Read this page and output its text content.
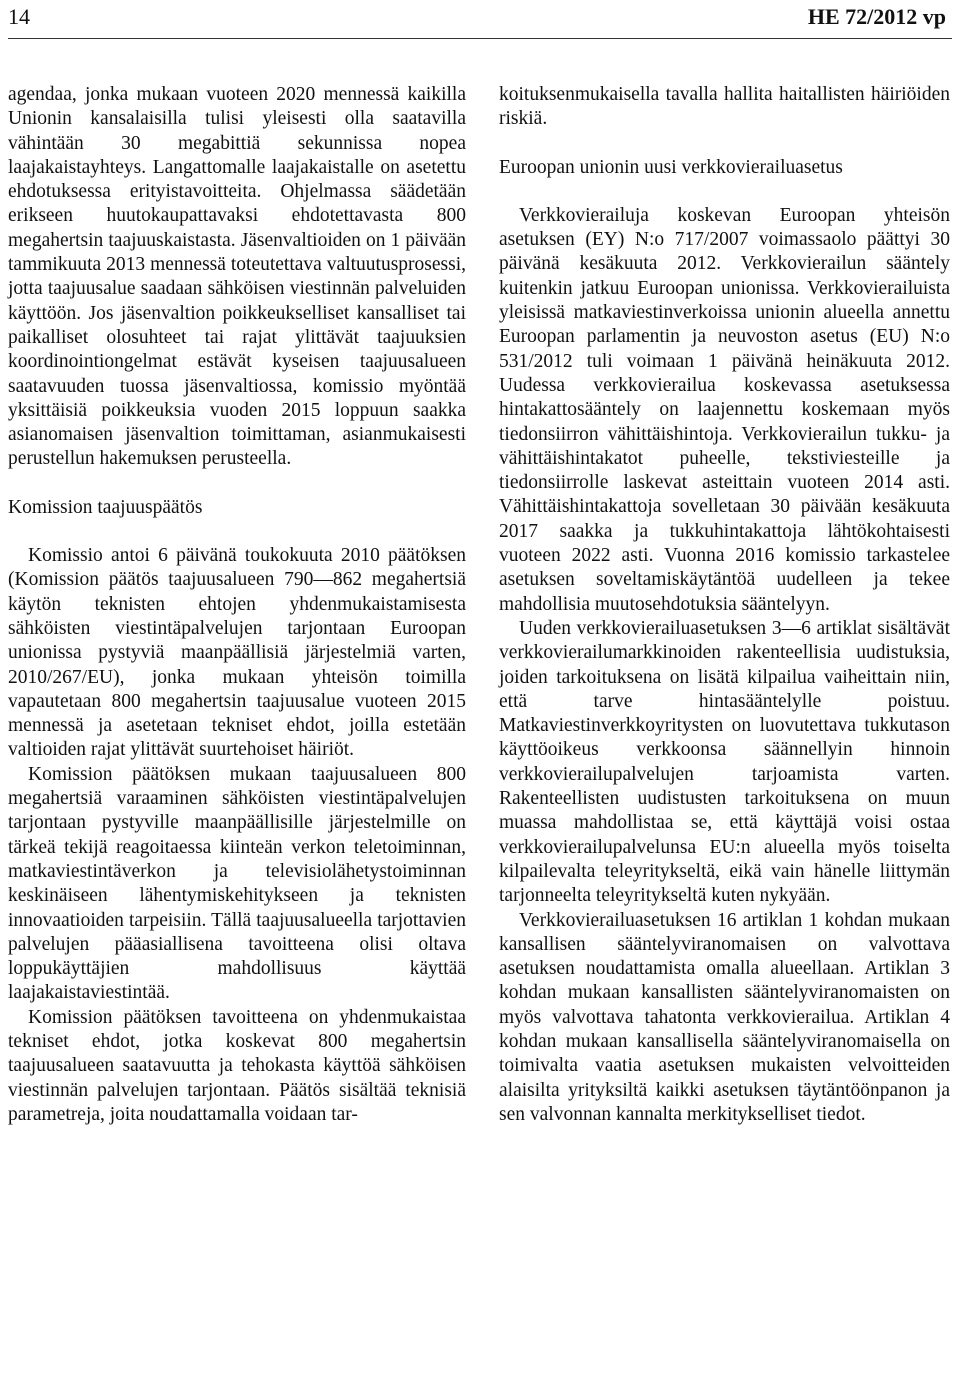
14	HE 72/2012 vp

agendaa, jonka mukaan vuoteen 2020 mennessä kaikilla Unionin kansalaisilla tulisi yleisesti olla saatavilla vähintään 30 megabittiä sekunnissa nopea laajakaistayhteys. Langattomalle laajakaistalle on asetettu ehdotuksessa erityistavoitteita. Ohjelmassa säädetään erikseen huutokaupattavaksi ehdotettavasta 800 megahertsin taajuuskaistasta. Jäsenvaltioiden on 1 päivään tammikuuta 2013 mennessä toteutettava valtuutusprosessi, jotta taajuusalue saadaan sähköisen viestinnän palveluiden käyttöön. Jos jäsenvaltion poikkeukselliset kansalliset tai paikalliset olosuhteet tai rajat ylittävät taajuuksien koordinointiongelmat estävät kyseisen taajuusalueen saatavuuden tuossa jäsenvaltiossa, komissio myöntää yksittäisiä poikkeuksia vuoden 2015 loppuun saakka asianomaisen jäsenvaltion toimittaman, asianmukaisesti perustellun hakemuksen perusteella.

Komission taajuuspäätös

Komissio antoi 6 päivänä toukokuuta 2010 päätöksen (Komission päätös taajuusalueen 790—862 megahertsiä käytön teknisten ehtojen yhdenmukaistamisesta sähköisten viestintäpalvelujen tarjontaan Euroopan unionissa pystyviä maanpäällisiä järjestelmiä varten, 2010/267/EU), jonka mukaan yhteisön toimilla vapautetaan 800 megahertsin taajuusalue vuoteen 2015 mennessä ja asetetaan tekniset ehdot, joilla estetään valtioiden rajat ylittävät suurtehoiset häiriöt.

Komission päätöksen mukaan taajuusalueen 800 megahertsiä varaaminen sähköisten viestintäpalvelujen tarjontaan pystyville maanpäällisille järjestelmille on tärkeä tekijä reagoitaessa kiinteän verkon teletoiminnan, matkaviestintäverkon ja televisiolähetystoiminnan keskinäiseen lähentymiskehitykseen ja teknisten innovaatioiden tarpeisiin. Tällä taajuusalueella tarjottavien palvelujen pääasiallisena tavoitteena olisi oltava loppukäyttäjien mahdollisuus käyttää laajakaistaviestintää.

Komission päätöksen tavoitteena on yhdenmukaistaa tekniset ehdot, jotka koskevat 800 megahertsin taajuusalueen saatavuutta ja tehokasta käyttöä sähköisen viestinnän palvelujen tarjontaan. Päätös sisältää teknisiä parametreja, joita noudattamalla voidaan tar-

koituksenmukaisella tavalla hallita haitallisten häiriöiden riskiä.

Euroopan unionin uusi verkkovierailuasetus

Verkkovierailuja koskevan Euroopan yhteisön asetuksen (EY) N:o 717/2007 voimassaolo päättyi 30 päivänä kesäkuuta 2012. Verkkovierailun sääntely kuitenkin jatkuu Euroopan unionissa. Verkkovierailuista yleisissä matkaviestinverkoissa unionin alueella annettu Euroopan parlamentin ja neuvoston asetus (EU) N:o 531/2012 tuli voimaan 1 päivänä heinäkuuta 2012. Uudessa verkkovierailua koskevassa asetuksessa hintakattosääntely on laajennettu koskemaan myös tiedonsiirron vähittäishintoja. Verkkovierailun tukku- ja vähittäishintakatot puheelle, tekstiviesteille ja tiedonsiirrolle laskevat asteittain vuoteen 2014 asti. Vähittäishintakattoja sovelletaan 30 päivään kesäkuuta 2017 saakka ja tukkuhintakattoja lähtökohtaisesti vuoteen 2022 asti. Vuonna 2016 komissio tarkastelee asetuksen soveltamiskäytäntöä uudelleen ja tekee mahdollisia muutosehdotuksia sääntelyyn.

Uuden verkkovierailuasetuksen 3—6 artiklat sisältävät verkkovierailumarkkinoiden rakenteellisia uudistuksia, joiden tarkoituksena on lisätä kilpailua vaiheittain niin, että tarve hintasääntelylle poistuu. Matkaviestinverkkoyritysten on luovutettava tukkutason käyttöoikeus verkkoonsa säännellyin hinnoin verkkovierailupalvelujen tarjoamista varten. Rakenteellisten uudistusten tarkoituksena on muun muassa mahdollistaa se, että käyttäjä voisi ostaa verkkovierailupalvelunsa EU:n alueella myös toiselta kilpailevalta teleyritykseltä, eikä vain hänelle liittymän tarjonneelta teleyritykseltä kuten nykyään.

Verkkovierailuasetuksen 16 artiklan 1 kohdan mukaan kansallisen sääntelyviranomaisen on valvottava asetuksen noudattamista omalla alueellaan. Artiklan 3 kohdan mukaan kansallisten sääntelyviranomaisten on myös valvottava tahatonta verkkovierailua. Artiklan 4 kohdan mukaan kansallisella sääntelyviranomaisella on toimivalta vaatia asetuksen mukaisten velvoitteiden alaisilta yrityksiltä kaikki asetuksen täytäntöönpanon ja sen valvonnan kannalta merkitykselliset tiedot.
